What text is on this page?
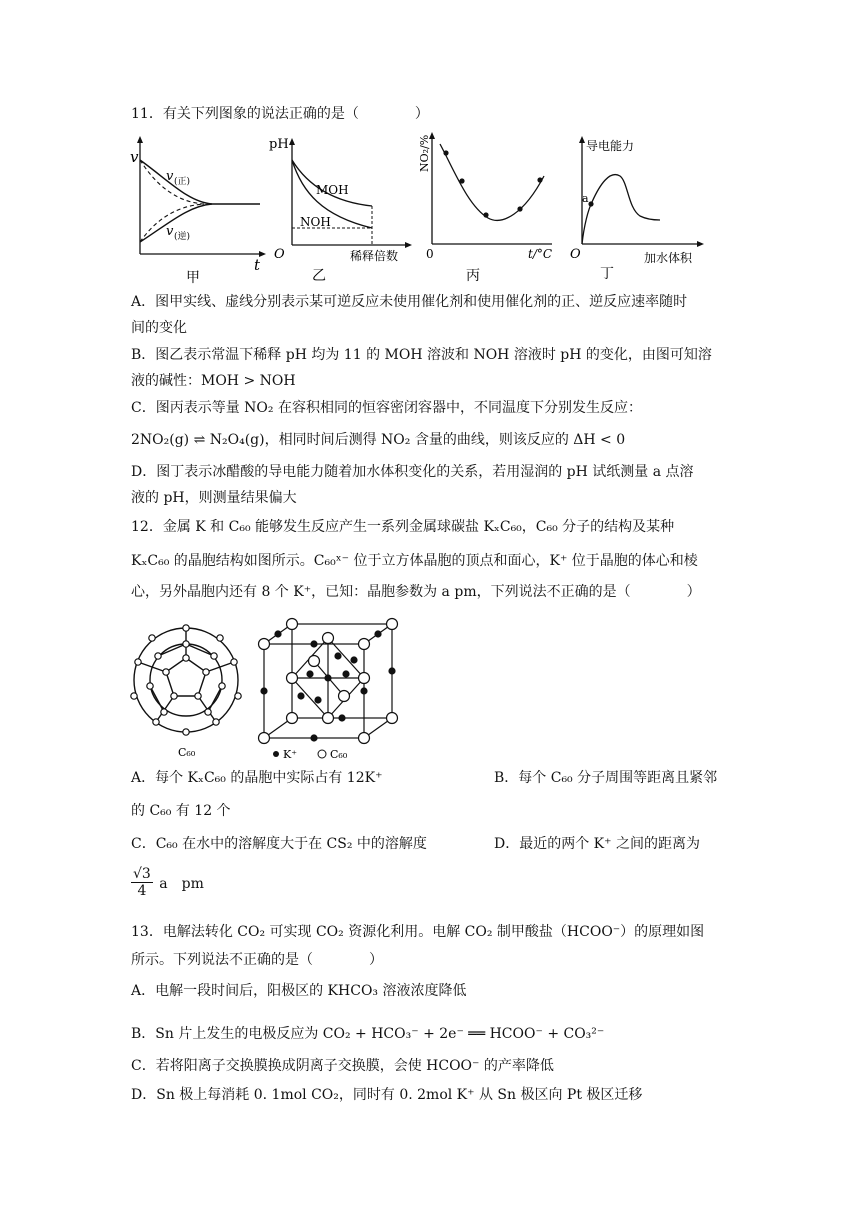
11．有关下列图象的说法正确的是（　　　　）
v
t
v (正)
v (逆)
甲
pH
O
MOH
NOH
稀释倍数
乙
NO₂/%
0	t/°C
丙
a
导电能力
O	加水体积
丁
A．图甲实线、虚线分别表示某可逆反应未使用催化剂和使用催化剂的正、逆反应速率随时
间的变化
B．图乙表示常温下稀释 pH 均为 11 的 MOH 溶波和 NOH 溶液时 pH 的变化，由图可知溶
液的碱性：MOH > NOH
C．图丙表示等量 NO₂ 在容积相同的恒容密闭容器中，不同温度下分别发生反应：
2NO₂(g) ⇌ N₂O₄(g)，相同时间后测得 NO₂ 含量的曲线，则该反应的 ΔH < 0
D．图丁表示冰醋酸的导电能力随着加水体积变化的关系，若用湿润的 pH 试纸测量 a 点溶
液的 pH，则测量结果偏大
12．金属 K 和 C₆₀ 能够发生反应产生一系列金属球碳盐 KₓC₆₀，C₆₀ 分子的结构及某种
KₓC₆₀ 的晶胞结构如图所示。C₆₀ˣ⁻ 位于立方体晶胞的顶点和面心，K⁺ 位于晶胞的体心和棱
心，另外晶胞内还有 8 个 K⁺，已知：晶胞参数为 a pm，下列说法不正确的是（　　　　）
C₆₀	K⁺	C₆₀
A．每个 KₓC₆₀ 的晶胞中实际占有 12K⁺	B．每个 C₆₀ 分子周围等距离且紧邻
的 C₆₀ 有 12 个
C．C₆₀ 在水中的溶解度大于在 CS₂ 中的溶解度	D．最近的两个 K⁺ 之间的距离为
$\frac{√3}{4}$ a　pm
13．电解法转化 CO₂ 可实现 CO₂ 资源化利用。电解 CO₂ 制甲酸盐（HCOO⁻）的原理如图
所示。下列说法不正确的是（　　　　）
A．电解一段时间后，阳极区的 KHCO₃ 溶液浓度降低
B．Sn 片上发生的电极反应为 CO₂ + HCO₃⁻ + 2e⁻ ══ HCOO⁻ + CO₃²⁻
C．若将阳离子交换膜换成阴离子交换膜，会使 HCOO⁻ 的产率降低
D．Sn 极上每消耗 0. 1mol CO₂，同时有 0. 2mol K⁺ 从 Sn 极区向 Pt 极区迁移
